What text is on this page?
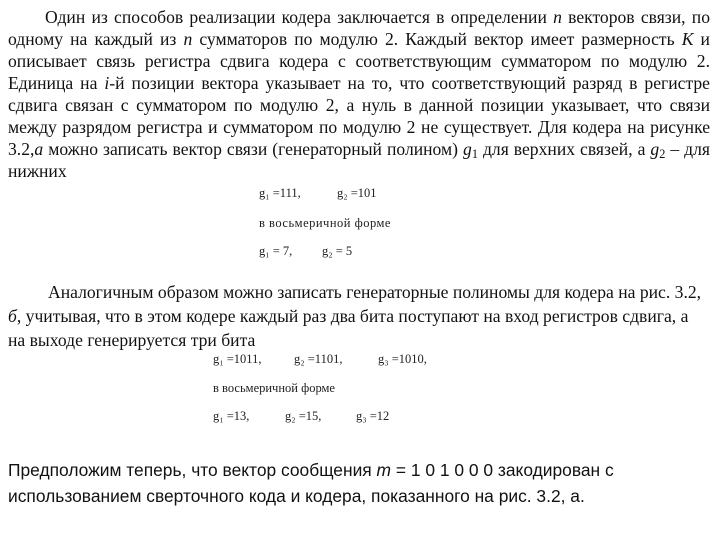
Один из способов реализации кодера заключается в определении n векторов связи, по одному на каждый из n сумматоров по модулю 2. Каждый вектор имеет размерность K и описывает связь регистра сдвига кодера с соответствующим сумматором по модулю 2. Единица на i-й позиции вектора указывает на то, что соответствующий разряд в регистре сдвига связан с сумматором по модулю 2, а нуль в данной позиции указывает, что связи между разрядом регистра и сумматором по модулю 2 не существует. Для кодера на рисунке 3.2,а можно записать вектор связи (генераторный полином) $g_1$ для верхних связей, а $g_2$ – для нижних
g₁ =111,	g₂ =101
в восьмеричной форме
g₁ = 7, g₂ = 5
Аналогичным образом можно записать генераторные полиномы для кодера на рис. 3.2, б, учитывая, что в этом кодере каждый раз два бита поступают на вход регистров сдвига, а на выходе генерируется три бита
g₁ =1011,	g₂ =1101,	g₃ =1010,
в восьмеричной форме
g₁ =13,	g₂ =15,	g₃ =12
Предположим теперь, что вектор сообщения m = 1 0 1 0 0 0 закодирован с использованием сверточного кода и кодера, показанного на рис. 3.2, а.
